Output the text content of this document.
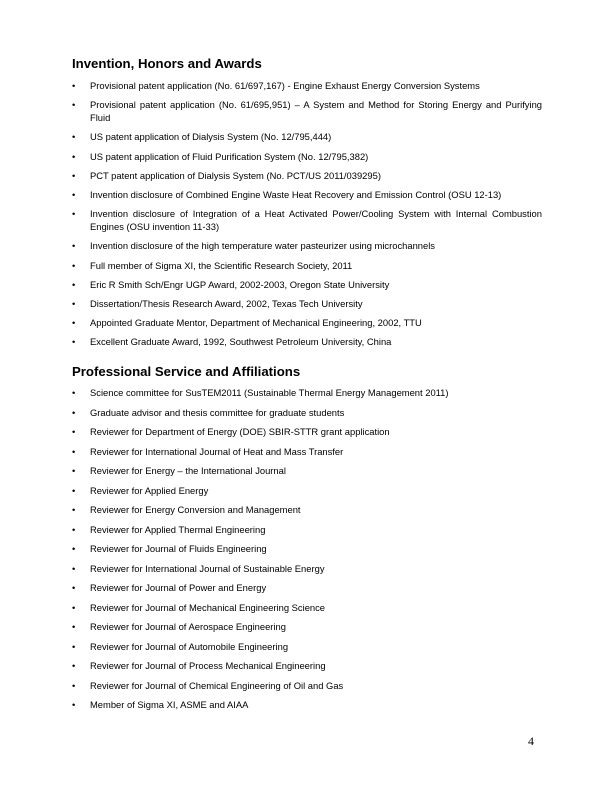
Invention, Honors and Awards
•	Provisional patent application (No. 61/697,167) - Engine Exhaust Energy Conversion Systems
•	Provisional patent application (No. 61/695,951) – A System and Method for Storing Energy and Purifying Fluid
•	US patent application of Dialysis System (No. 12/795,444)
•	US patent application of Fluid Purification System (No. 12/795,382)
•	PCT patent application of Dialysis System (No. PCT/US 2011/039295)
•	Invention disclosure of Combined Engine Waste Heat Recovery and Emission Control (OSU 12-13)
•	Invention disclosure of Integration of a Heat Activated Power/Cooling System with Internal Combustion Engines (OSU invention 11-33)
•	Invention disclosure of the high temperature water pasteurizer using microchannels
•	Full member of Sigma XI, the Scientific Research Society, 2011
•	Eric R Smith Sch/Engr UGP Award, 2002-2003, Oregon State University
•	Dissertation/Thesis Research Award, 2002, Texas Tech University
•	Appointed Graduate Mentor, Department of Mechanical Engineering, 2002, TTU
•	Excellent Graduate Award, 1992, Southwest Petroleum University, China
Professional Service and Affiliations
•	Science committee for SusTEM2011 (Sustainable Thermal Energy Management 2011)
•	Graduate advisor and thesis committee for graduate students
•	Reviewer for Department of Energy (DOE) SBIR-STTR grant application
•	Reviewer for International Journal of Heat and Mass Transfer
•	Reviewer for Energy – the International Journal
•	Reviewer for Applied Energy
•	Reviewer for Energy Conversion and Management
•	Reviewer for Applied Thermal Engineering
•	Reviewer for Journal of Fluids Engineering
•	Reviewer for International Journal of Sustainable Energy
•	Reviewer for Journal of Power and Energy
•	Reviewer for Journal of Mechanical Engineering Science
•	Reviewer for Journal of Aerospace Engineering
•	Reviewer for Journal of Automobile Engineering
•	Reviewer for Journal of Process Mechanical Engineering
•	Reviewer for Journal of Chemical Engineering of Oil and Gas
•	Member of Sigma XI, ASME and AIAA
4
